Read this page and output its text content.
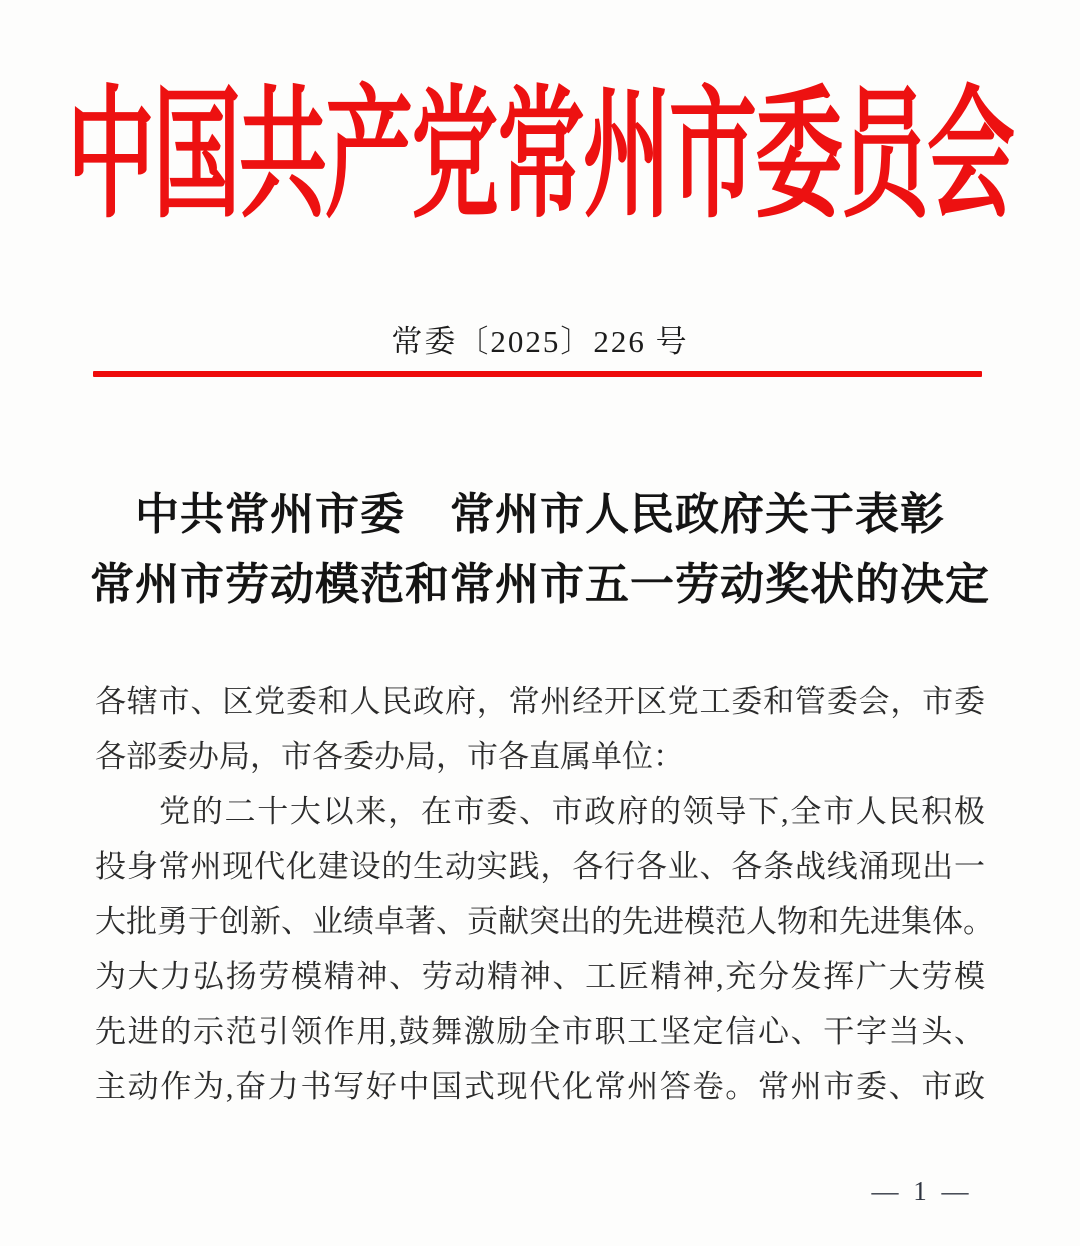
中国共产党常州市委员会
常委〔2025〕226 号
中共常州市委　常州市人民政府关于表彰
常州市劳动模范和常州市五一劳动奖状的决定
各辖市、区党委和人民政府，常州经开区党工委和管委会，市委
各部委办局，市各委办局，市各直属单位：
党的二十大以来，在市委、市政府的领导下,全市人民积极
投身常州现代化建设的生动实践，各行各业、各条战线涌现出一
大批勇于创新、业绩卓著、贡献突出的先进模范人物和先进集体。
为大力弘扬劳模精神、劳动精神、工匠精神,充分发挥广大劳模
先进的示范引领作用,鼓舞激励全市职工坚定信心、干字当头、
主动作为,奋力书写好中国式现代化常州答卷。常州市委、市政
— 1 —
